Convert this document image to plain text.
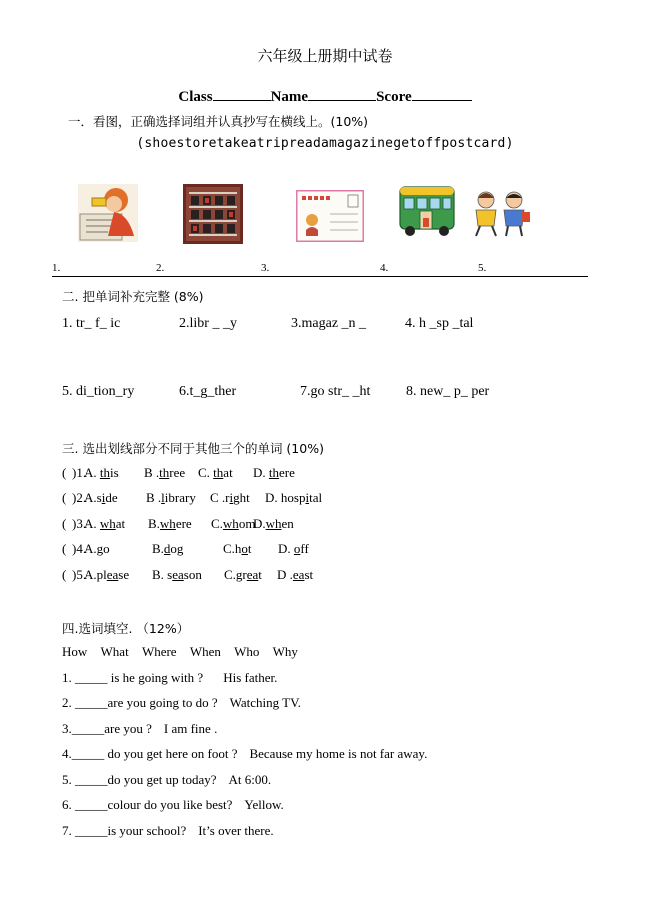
六年级上册期中试卷
Class	Name	Score
一．看图，正确选择词组并认真抄写在横线上。(10%)
(shoestoretakeatripreadamagazinegetoffpostcard)
1.	2.	3.	4.	5.
二. 把单词补充完整 (8%)
1. tr_ f_ ic	2.libr _ _y	3.magaz _n _	4. h _sp _tal
5. di_tion_ry	6.t_g_ther	7.go str_ _ht	8. new_ p_ per
三. 选出划线部分不同于其他三个的单词 (10%)
( )1.
A. this B .three C. that D. there
( )2.
A.side B .library C .right D. hospital
( )3.
A. what B.where C.whom
D.when
( )4.
A.go	B.dog	C.hot D. off
( )5.
A.please B. season C.great D .east
四.选词填空. （12%）
How What Where When Who Why
1. _____ is he going with ? His father.
2. _____are you going to do ? Watching TV.
3._____are you ? I am fine .
4._____ do you get here on foot ? Because my home is not far away.
5. _____do you get up today? At 6:00.
6. _____colour do you like best? Yellow.
7. _____is your school? It’s over there.
